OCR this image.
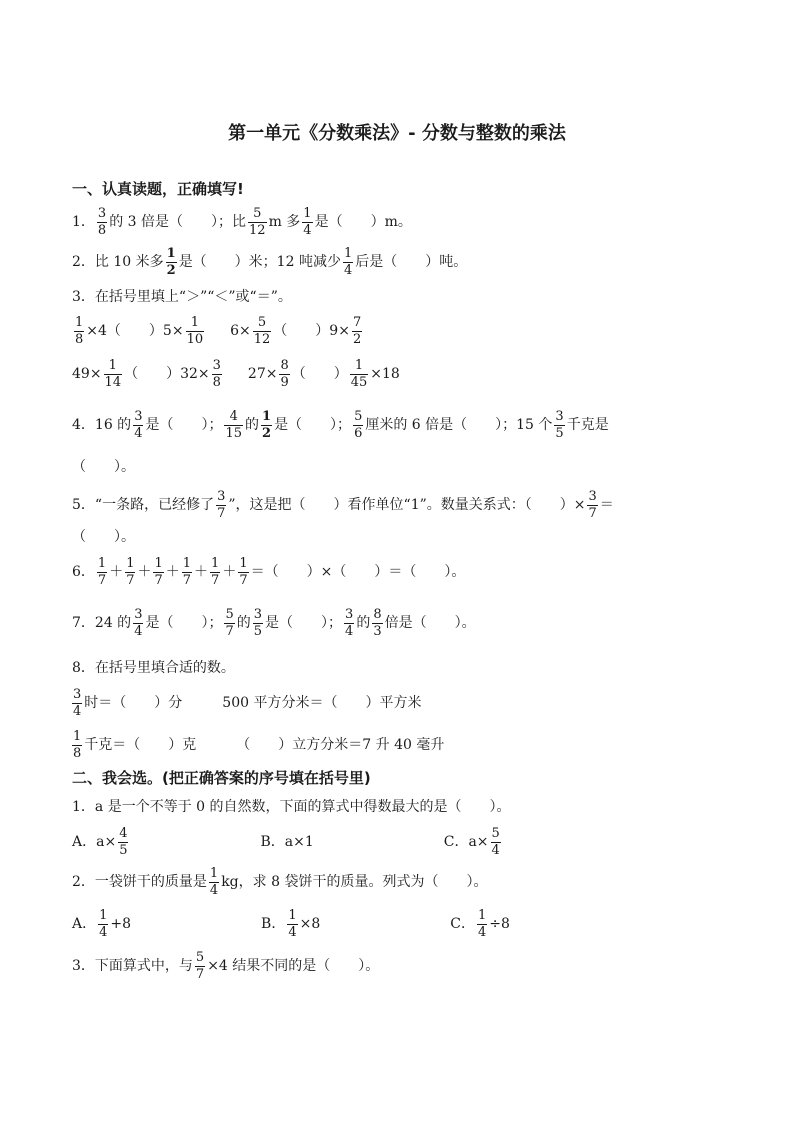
第一单元《分数乘法》- 分数与整数的乘法
一、认真读题，正确填写!
1． $\frac{3}{8}$ 的 3 倍是（　　）；比 $\frac{5}{12}$ m 多 $\frac{1}{4}$ 是（　　）m。
2． 比 10 米多 $\frac{1}{2}$ 是（　　）米；12 吨减少 $\frac{1}{4}$ 后是（　　）吨。
3． 在括号里填上“＞”“＜”或“＝”。
$\frac{1}{8} \times 4$（　　）$5\times \frac{1}{10} 6\times \frac{5}{12}$ （　　）$9\times \frac{7}{2}$
$49\times \frac{1}{14}$ （　　）$32\times \frac{3}{8} 27\times \frac{8}{9}$ （　　） $\frac{1}{45} \times 18$
4． 16 的 $\frac{3}{4}$ 是（　　）； $\frac{4}{15}$ 的 $\frac{1}{2}$ 是（　　）； $\frac{5}{6}$ 厘米的 6 倍是（　　）；15 个 $\frac{3}{5}$ 千克是
（　　）。
5． “一条路，已经修了 $\frac{3}{7}$ ”，这是把（　　）看作单位“1”。数量关系式：（　　）× $\frac{3}{7}$ ＝
（　　）。
6． $\frac{1}{7} + \frac{1}{7} + \frac{1}{7} + \frac{1}{7} + \frac{1}{7} + \frac{1}{7}$ ＝（　　）×（　　）＝（　　）。
7． 24 的 $\frac{3}{4}$ 是（　　）； $\frac{5}{7}$ 的 $\frac{3}{5}$ 是（　　）； $\frac{3}{4}$ 的 $\frac{8}{3}$ 倍是（　　）。
8． 在括号里填合适的数。
$\frac{3}{4}$ 时＝（　　）分	500 平方分米＝（　　）平方米
$\frac{1}{8}$ 千克＝（　　）克	（　　）立方分米＝7 升 40 毫升
二、我会选。(把正确答案的序号填在括号里)
1． a 是一个不等于 0 的自然数，下面的算式中得数最大的是（　　）。
A．$a\times \frac{4}{5}$	B．a×1	C．$a\times \frac{5}{4}$
2． 一袋饼干的质量是 $\frac{1}{4}$ kg，求 8 袋饼干的质量。列式为（　　）。
A． $\frac{1}{4} +8$	B． $\frac{1}{4} \times 8$	C． $\frac{1}{4} \div 8$
3． 下面算式中，与 $\frac{5}{7} \times 4$ 结果不同的是（　　）。
